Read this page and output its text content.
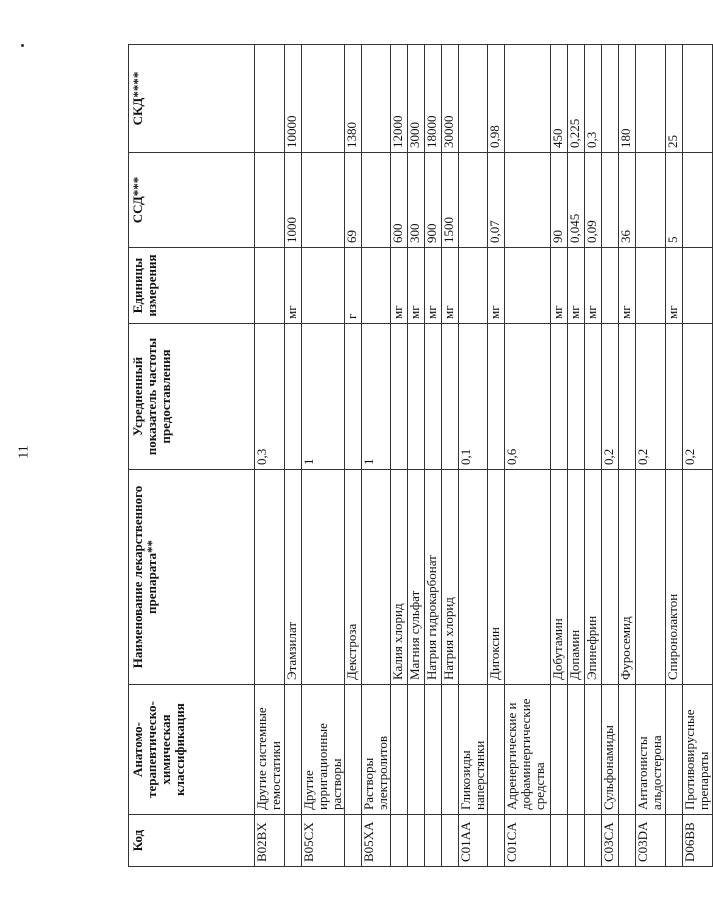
11
Код	Анатомо-терапевтическо-химическая классификация	Наименование лекарственного препарата**	Усредненный показатель частоты предоставления	Единицы измерения	ССД***	СКД****
B02BX	Другие системные гемостатики		0,3			
		Этамзилат		мг	1000	10000
B05CX	Другие ирригационные растворы		1			
		Декстроза		г	69	1380
B05XA	Растворы электролитов		1			
		Калия хлорид		мг	600	12000
		Магния сульфат		мг	300	3000
		Натрия гидрокарбонат		мг	900	18000
		Натрия хлорид		мг	1500	30000
C01AA	Гликозиды наперстянки		0,1			
		Дигоксин		мг	0,07	0,98
C01CA	Адренергические и дофаминергические средства		0,6			
		Добутамин		мг	90	450
		Допамин		мг	0,045	0,225
		Эпинефрин		мг	0,09	0,3
C03CA	Сульфонамиды		0,2			
		Фуросемид		мг	36	180
C03DA	Антагонисты альдостерона		0,2			
		Спиронолактон		мг	5	25
D06BB	Противовирусные препараты		0,2			
